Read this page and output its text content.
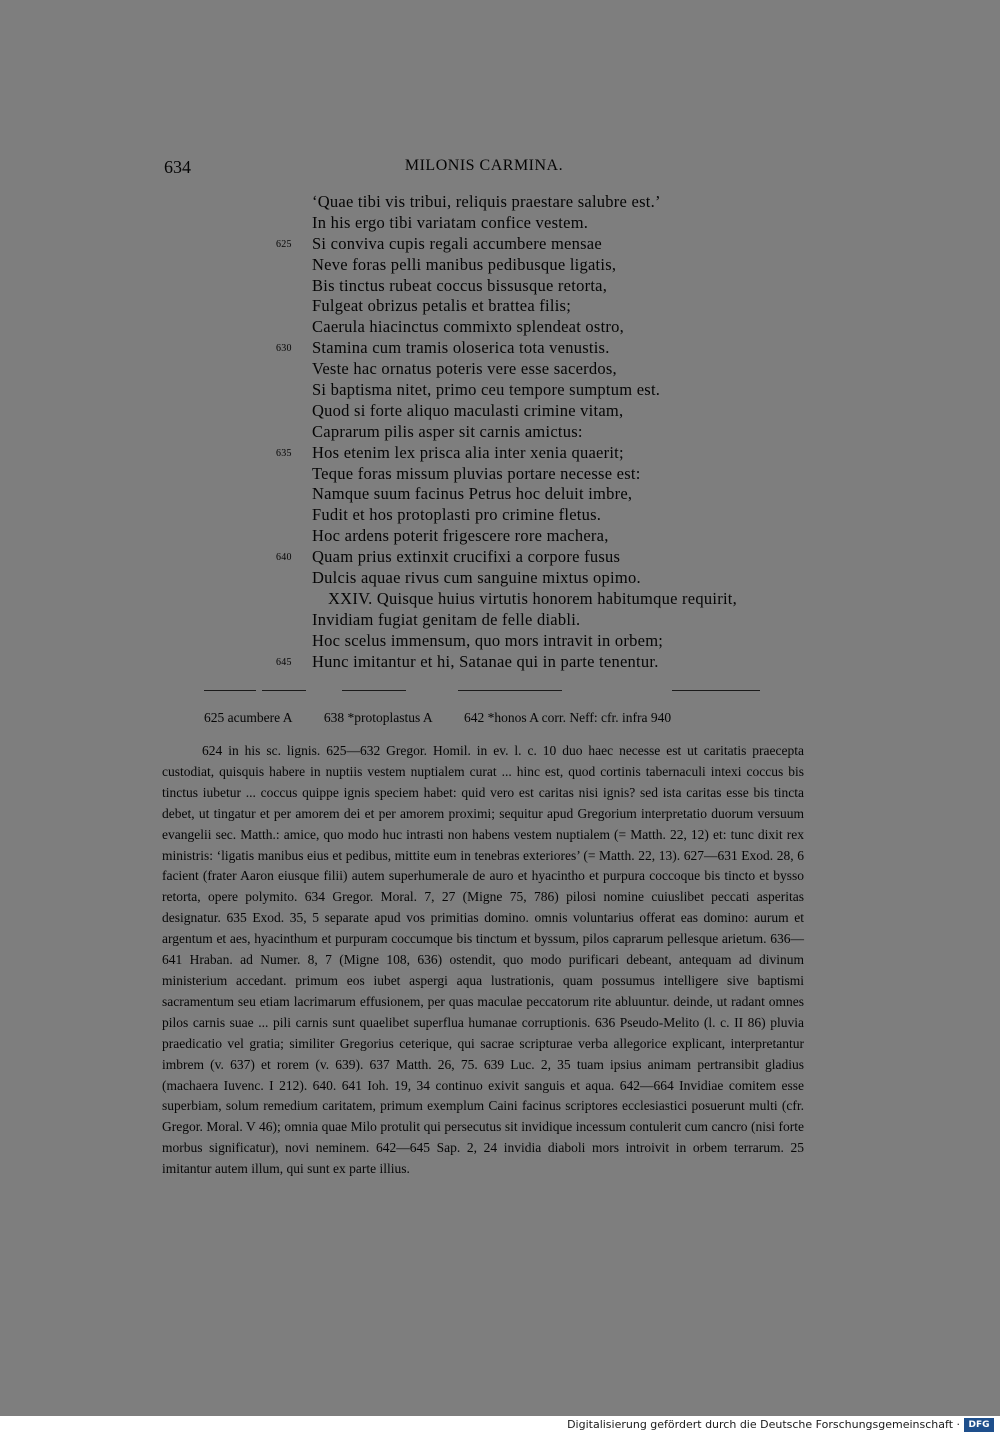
634	MILONIS CARMINA.
‘Quae tibi vis tribui, reliquis praestare salubre est.’
In his ergo tibi variatam confice vestem.
625 Si conviva cupis regali accumbere mensae
Neve foras pelli manibus pedibusque ligatis,
Bis tinctus rubeat coccus bissusque retorta,
Fulgeat obrizus petalis et brattea filis;
Caerula hiacinctus commixto splendeat ostro,
630 Stamina cum tramis oloserica tota venustis.
Veste hac ornatus poteris vere esse sacerdos,
Si baptisma nitet, primo ceu tempore sumptum est.
Quod si forte aliquo maculasti crimine vitam,
Caprarum pilis asper sit carnis amictus:
635 Hos etenim lex prisca alia inter xenia quaerit;
Teque foras missum pluvias portare necesse est:
Namque suum facinus Petrus hoc deluit imbre,
Fudit et hos protoplasti pro crimine fletus.
Hoc ardens poterit frigescere rore machera,
640 Quam prius extinxit crucifixi a corpore fusus
Dulcis aquae rivus cum sanguine mixtus opimo.
XXIV. Quisque huius virtutis honorem habitumque requirit,
Invidiam fugiat genitam de felle diabli.
Hoc scelus immensum, quo mors intravit in orbem;
645 Hunc imitantur et hi, Satanae qui in parte tenentur.
625 acumbere A 638 *protoplastus A 642 *honos A corr. Neff: cfr. infra 940

624 in his sc. lignis. 625—632 Gregor. Homil. in ev. l. c. 10 duo haec necesse est ut caritatis praecepta custodiat, quisquis habere in nuptiis vestem nuptialem curat ... hinc est, quod cortinis tabernaculi intexi coccus bis tinctus iubetur ... coccus quippe ignis speciem habet: quid vero est caritas nisi ignis? sed ista caritas esse bis tincta debet, ut tingatur et per amorem dei et per amorem proximi; sequitur apud Gregorium interpretatio duorum versuum evangelii sec. Matth.: amice, quo modo huc intrasti non habens vestem nuptialem (= Matth. 22, 12) et: tunc dixit rex ministris: ‘ligatis manibus eius et pedibus, mittite eum in tenebras exteriores’ (= Matth. 22, 13). 627—631 Exod. 28, 6 facient (frater Aaron eiusque filii) autem superhumerale de auro et hyacintho et purpura coccoque bis tincto et bysso retorta, opere polymito. 634 Gregor. Moral. 7, 27 (Migne 75, 786) pilosi nomine cuiuslibet peccati asperitas designatur. 635 Exod. 35, 5 separate apud vos primitias domino. omnis voluntarius offerat eas domino: aurum et argentum et aes, hyacinthum et purpuram coccumque bis tinctum et byssum, pilos caprarum pellesque arietum. 636—641 Hraban. ad Numer. 8, 7 (Migne 108, 636) ostendit, quo modo purificari debeant, antequam ad divinum ministerium accedant. primum eos iubet aspergi aqua lustrationis, quam possumus intelligere sive baptismi sacramentum seu etiam lacrimarum effusionem, per quas maculae peccatorum rite abluuntur. deinde, ut radant omnes pilos carnis suae ... pili carnis sunt quaelibet superflua humanae corruptionis. 636 Pseudo-Melito (l. c. II 86) pluvia praedicatio vel gratia; similiter Gregorius ceterique, qui sacrae scripturae verba allegorice explicant, interpretantur imbrem (v. 637) et rorem (v. 639). 637 Matth. 26, 75. 639 Luc. 2, 35 tuam ipsius animam pertransibit gladius (machaera Iuvenc. I 212). 640. 641 Ioh. 19, 34 continuo exivit sanguis et aqua. 642—664 Invidiae comitem esse superbiam, solum remedium caritatem, primum exemplum Caini facinus scriptores ecclesiastici posuerunt multi (cfr. Gregor. Moral. V 46); omnia quae Milo protulit qui persecutus sit invidique incessum contulerit cum cancro (nisi forte morbus significatur), novi neminem. 642—645 Sap. 2, 24 invidia diaboli mors introivit in orbem terrarum. 25 imitantur autem illum, qui sunt ex parte illius.

Digitalisierung gefördert durch die Deutsche Forschungsgemeinschaft · DFG
